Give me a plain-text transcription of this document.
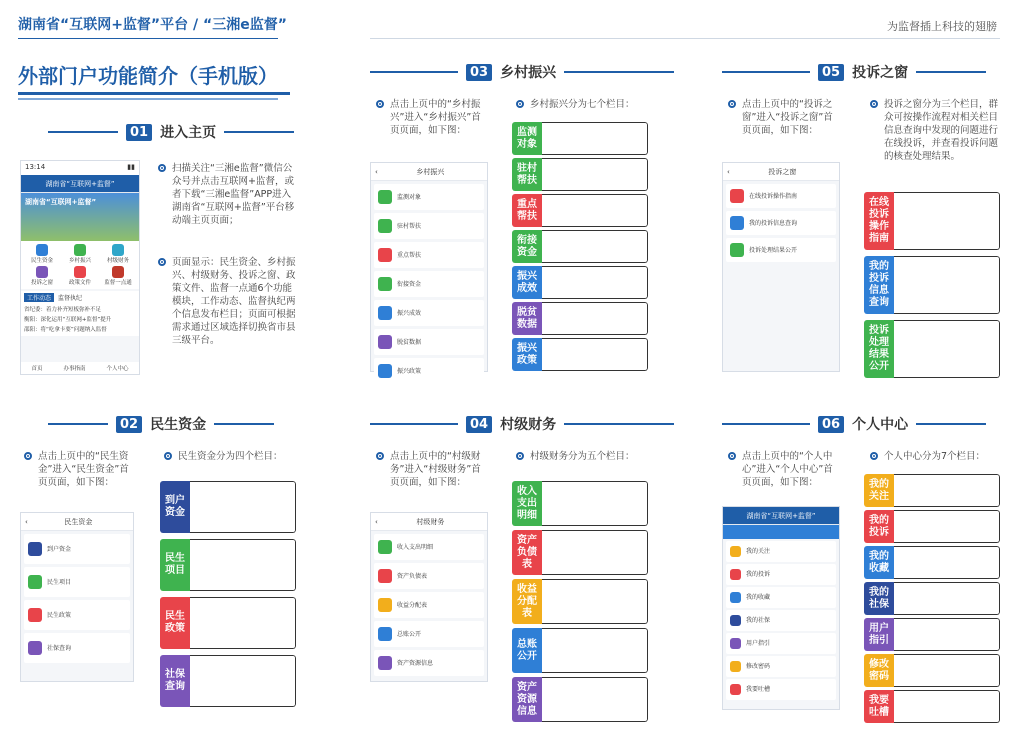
湖南省“互联网+监督”平台 / “三湘e监督”	为监督插上科技的翅膀
外部门户功能简介（手机版）
01 进入主页
13:14	▮▮
湖南省“互联网+监督”
湖南省“互联网+监督”
民生资金	乡村振兴	村级财务
投诉之窗	政策文件	监督一点通
工作动态	监督执纪
省纪委：着力补齐短板弥补不足
衡阳：深化运用“互联网+监督”提升
邵阳：将“吃拿卡要”问题纳入监督
首页	办事指南	个人中心
扫描关注“三湘e监督”微信公众号并点击互联网+监督，或者下载“三湘e监督”APP进入湖南省“互联网+监督”平台移动端主页页面；
页面显示：民生资金、乡村振兴、村级财务、投诉之窗、政策文件、监督一点通6个功能模块，工作动态、监督执纪两个信息发布栏目；页面可根据需求通过区域选择切换省市县三级平台。
02 民生资金
点击上页中的“民生资金”进入“民生资金”首页页面，如下图：
民生资金分为四个栏目：
‹	民生资金
到户资金
民生项目
民生政策
社保查询
到户资金
民生项目
民生政策
社保查询
03 乡村振兴
点击上页中的“乡村振兴”进入“乡村振兴”首页页面，如下图：
乡村振兴分为七个栏目：
‹	乡村振兴
监测对象
驻村帮扶
重点帮扶
衔接资金
振兴成效
脱贫数据
振兴政策
监测对象
驻村帮扶
重点帮扶
衔接资金
振兴成效
脱贫数据
振兴政策
04 村级财务
点击上页中的“村级财务”进入“村级财务”首页页面，如下图：
村级财务分为五个栏目：
‹	村级财务
收入支出明细
资产负债表
收益分配表
总账公开
资产资源信息
收入支出明细
资产负债表
收益分配表
总账公开
资产资源信息
05 投诉之窗
点击上页中的“投诉之窗”进入“投诉之窗”首页页面，如下图：
投诉之窗分为三个栏目，群众可按操作流程对相关栏目信息查询中发现的问题进行在线投诉，并查看投诉问题的核查处理结果。
‹	投诉之窗
在线投诉操作指南
我的投诉信息查询
投诉处理结果公开
在线投诉操作指南
我的投诉信息查询
投诉处理结果公开
06 个人中心
点击上页中的“个人中心”进入“个人中心”首页页面，如下图：
个人中心分为7个栏目：
湖南省“互联网+监督”
我的关注
我的投诉
我的收藏
我的社保
用户指引
修改密码
我要吐槽
我的关注
我的投诉
我的收藏
我的社保
用户指引
修改密码
我要吐槽
